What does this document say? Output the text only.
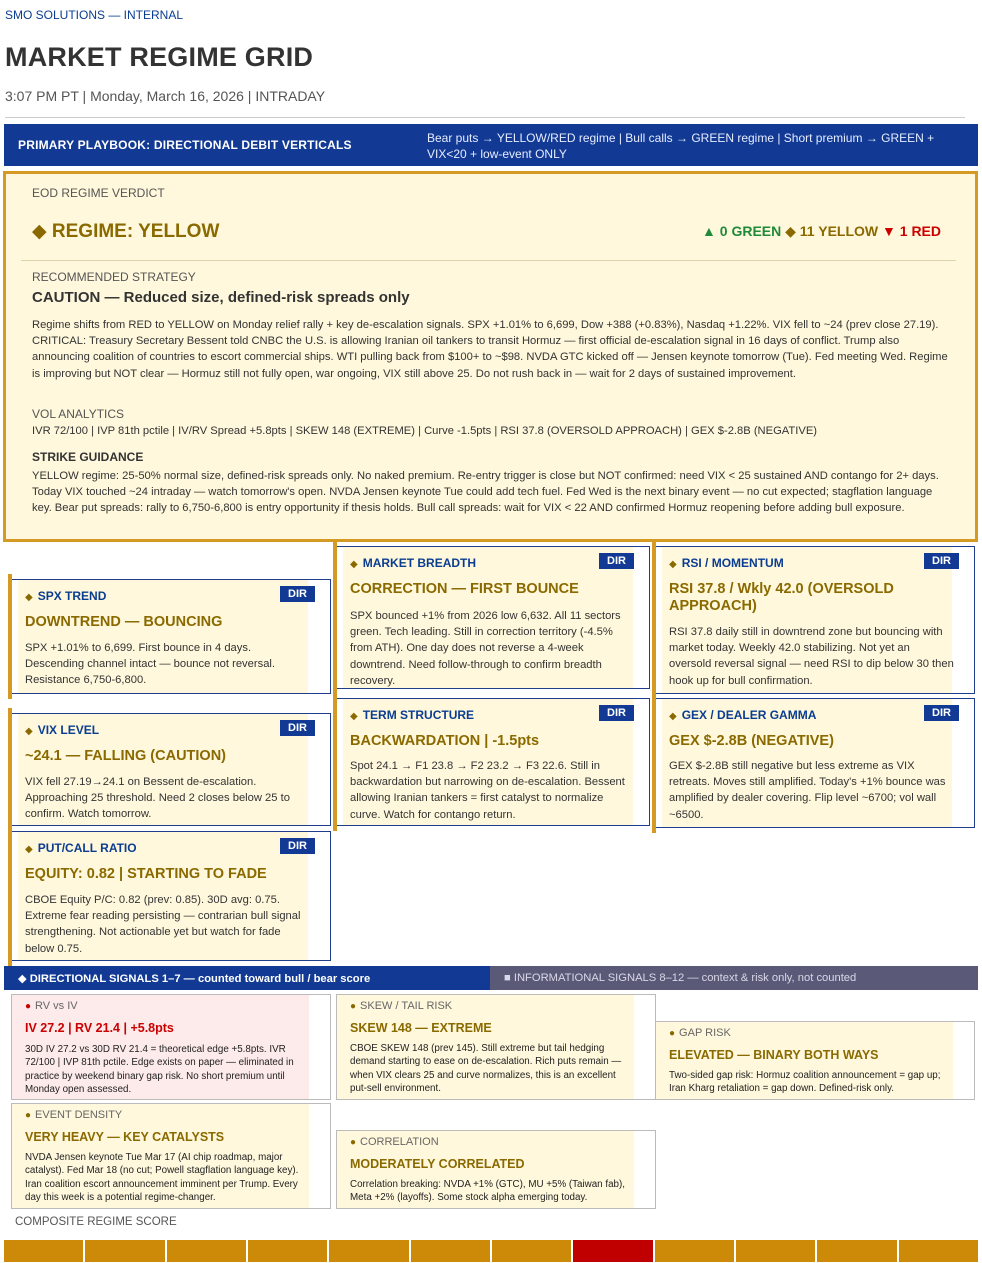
SMO SOLUTIONS — INTERNAL
MARKET REGIME GRID
3:07 PM PT | Monday, March 16, 2026 | INTRADAY
PRIMARY PLAYBOOK: DIRECTIONAL DEBIT VERTICALS	Bear puts → YELLOW/RED regime | Bull calls → GREEN regime | Short premium → GREEN + VIX<20 + low-event ONLY
EOD REGIME VERDICT
◆ REGIME: YELLOW	▲ 0 GREEN ◆ 11 YELLOW ▼ 1 RED
RECOMMENDED STRATEGY
CAUTION — Reduced size, defined-risk spreads only
Regime shifts from RED to YELLOW on Monday relief rally + key de-escalation signals. SPX +1.01% to 6,699, Dow +388 (+0.83%), Nasdaq +1.22%. VIX fell to ~24 (prev close 27.19). CRITICAL: Treasury Secretary Bessent told CNBC the U.S. is allowing Iranian oil tankers to transit Hormuz — first official de-escalation signal in 16 days of conflict. Trump also announcing coalition of countries to escort commercial ships. WTI pulling back from $100+ to ~$98. NVDA GTC kicked off — Jensen keynote tomorrow (Tue). Fed meeting Wed. Regime is improving but NOT clear — Hormuz still not fully open, war ongoing, VIX still above 25. Do not rush back in — wait for 2 days of sustained improvement.
VOL ANALYTICS
IVR 72/100 | IVP 81th pctile | IV/RV Spread +5.8pts | SKEW 148 (EXTREME) | Curve -1.5pts | RSI 37.8 (OVERSOLD APPROACH) | GEX $-2.8B (NEGATIVE)
STRIKE GUIDANCE
YELLOW regime: 25-50% normal size, defined-risk spreads only. No naked premium. Re-entry trigger is close but NOT confirmed: need VIX < 25 sustained AND contango for 2+ days. Today VIX touched ~24 intraday — watch tomorrow's open. NVDA Jensen keynote Tue could add tech fuel. Fed Wed is the next binary event — no cut expected; stagflation language key. Bear put spreads: rally to 6,750-6,800 is entry opportunity if thesis holds. Bull call spreads: wait for VIX < 22 AND confirmed Hormuz reopening before adding bull exposure.
◆ SPX TREND	DIR
DOWNTREND — BOUNCING
SPX +1.01% to 6,699. First bounce in 4 days. Descending channel intact — bounce not reversal. Resistance 6,750-6,800.
◆ MARKET BREADTH	DIR
CORRECTION — FIRST BOUNCE
SPX bounced +1% from 2026 low 6,632. All 11 sectors green. Tech leading. Still in correction territory (-4.5% from ATH). One day does not reverse a 4-week downtrend. Need follow-through to confirm breadth recovery.
◆ RSI / MOMENTUM	DIR
RSI 37.8 / Wkly 42.0 (OVERSOLD APPROACH)
RSI 37.8 daily still in downtrend zone but bouncing with market today. Weekly 42.0 stabilizing. Not yet an oversold reversal signal — need RSI to dip below 30 then hook up for bull confirmation.
◆ VIX LEVEL	DIR
~24.1 — FALLING (CAUTION)
VIX fell 27.19→24.1 on Bessent de-escalation. Approaching 25 threshold. Need 2 closes below 25 to confirm. Watch tomorrow.
◆ TERM STRUCTURE	DIR
BACKWARDATION | -1.5pts
Spot 24.1 → F1 23.8 → F2 23.2 → F3 22.6. Still in backwardation but narrowing on de-escalation. Bessent allowing Iranian tankers = first catalyst to normalize curve. Watch for contango return.
◆ GEX / DEALER GAMMA	DIR
GEX $-2.8B (NEGATIVE)
GEX $-2.8B still negative but less extreme as VIX retreats. Moves still amplified. Today's +1% bounce was amplified by dealer covering. Flip level ~6700; vol wall ~6500.
◆ PUT/CALL RATIO	DIR
EQUITY: 0.82 | STARTING TO FADE
CBOE Equity P/C: 0.82 (prev: 0.85). 30D avg: 0.75. Extreme fear reading persisting — contrarian bull signal strengthening. Not actionable yet but watch for fade below 0.75.
◆ DIRECTIONAL SIGNALS 1–7 — counted toward bull / bear score	■ INFORMATIONAL SIGNALS 8–12 — context & risk only, not counted
● RV vs IV
IV 27.2 | RV 21.4 | +5.8pts
30D IV 27.2 vs 30D RV 21.4 = theoretical edge +5.8pts. IVR 72/100 | IVP 81th pctile. Edge exists on paper — eliminated in practice by weekend binary gap risk. No short premium until Monday open assessed.
● SKEW / TAIL RISK
SKEW 148 — EXTREME
CBOE SKEW 148 (prev 145). Still extreme but tail hedging demand starting to ease on de-escalation. Rich puts remain — when VIX clears 25 and curve normalizes, this is an excellent put-sell environment.
● GAP RISK
ELEVATED — BINARY BOTH WAYS
Two-sided gap risk: Hormuz coalition announcement = gap up; Iran Kharg retaliation = gap down. Defined-risk only.
● EVENT DENSITY
VERY HEAVY — KEY CATALYSTS
NVDA Jensen keynote Tue Mar 17 (AI chip roadmap, major catalyst). Fed Mar 18 (no cut; Powell stagflation language key). Iran coalition escort announcement imminent per Trump. Every day this week is a potential regime-changer.
● CORRELATION
MODERATELY CORRELATED
Correlation breaking: NVDA +1% (GTC), MU +5% (Taiwan fab), Meta +2% (layoffs). Some stock alpha emerging today.
COMPOSITE REGIME SCORE
